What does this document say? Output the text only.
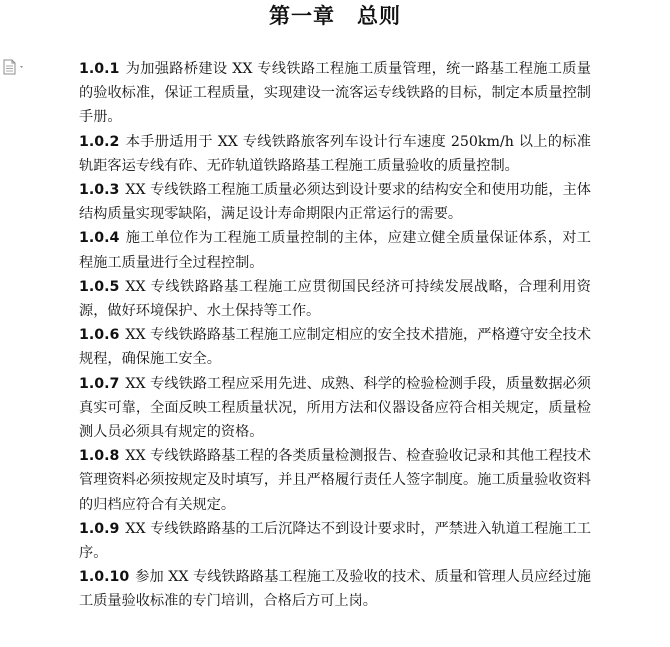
第一章 总则

1.0.1 为加强路桥建设 XX 专线铁路工程施工质量管理，统一路基工程施工质量的验收标准，保证工程质量，实现建设一流客运专线铁路的目标，制定本质量控制手册。

1.0.2 本手册适用于 XX 专线铁路旅客列车设计行车速度 250km/h 以上的标准轨距客运专线有砟、无砟轨道铁路路基工程施工质量验收的质量控制。

1.0.3 XX 专线铁路工程施工质量必须达到设计要求的结构安全和使用功能，主体结构质量实现零缺陷，满足设计寿命期限内正常运行的需要。

1.0.4 施工单位作为工程施工质量控制的主体，应建立健全质量保证体系，对工程施工质量进行全过程控制。

1.0.5 XX 专线铁路路基工程施工应贯彻国民经济可持续发展战略，合理利用资源，做好环境保护、水土保持等工作。

1.0.6 XX 专线铁路路基工程施工应制定相应的安全技术措施，严格遵守安全技术规程，确保施工安全。

1.0.7 XX 专线铁路工程应采用先进、成熟、科学的检验检测手段，质量数据必须真实可靠，全面反映工程质量状况，所用方法和仪器设备应符合相关规定，质量检测人员必须具有规定的资格。

1.0.8 XX 专线铁路路基工程的各类质量检测报告、检查验收记录和其他工程技术管理资料必须按规定及时填写，并且严格履行责任人签字制度。施工质量验收资料的归档应符合有关规定。

1.0.9 XX 专线铁路路基的工后沉降达不到设计要求时，严禁进入轨道工程施工工序。

1.0.10 参加 XX 专线铁路路基工程施工及验收的技术、质量和管理人员应经过施工质量验收标准的专门培训，合格后方可上岗。
